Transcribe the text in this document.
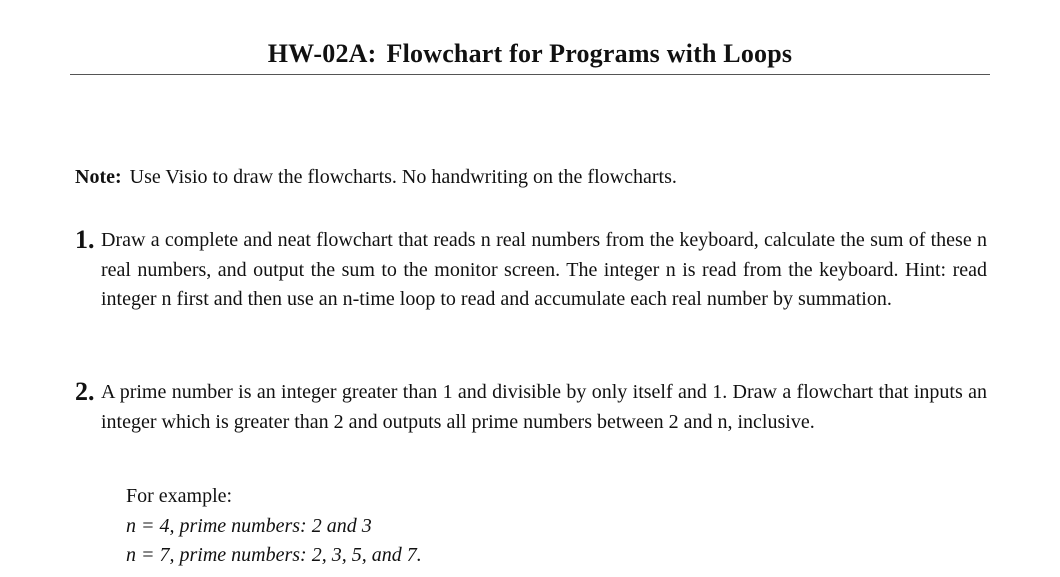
HW-02A: Flowchart for Programs with Loops
Note: Use Visio to draw the flowcharts. No handwriting on the flowcharts.
1. Draw a complete and neat flowchart that reads n real numbers from the keyboard, calculate the sum of these n real numbers, and output the sum to the monitor screen. The integer n is read from the keyboard. Hint: read integer n first and then use an n-time loop to read and accumulate each real number by summation.
2. A prime number is an integer greater than 1 and divisible by only itself and 1. Draw a flowchart that inputs an integer which is greater than 2 and outputs all prime numbers between 2 and n, inclusive.
For example:
n = 4, prime numbers: 2 and 3
n = 7, prime numbers: 2, 3, 5, and 7.
